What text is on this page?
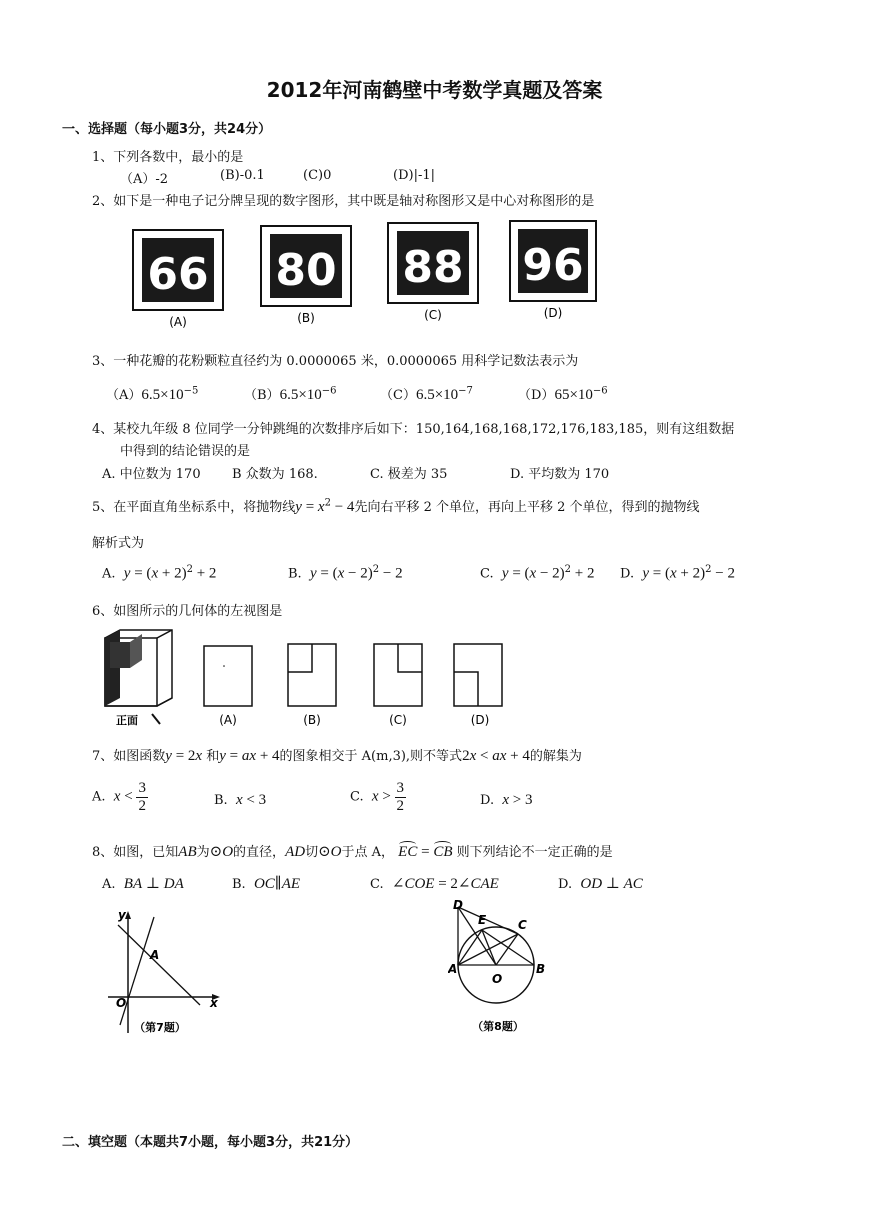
2012年河南鹤壁中考数学真题及答案
一、选择题（每小题3分，共24分）
1、下列各数中，最小的是
（A）-2	(B)-0.1	(C)0	(D)|-1|
2、如下是一种电子记分牌呈现的数字图形，其中既是轴对称图形又是中心对称图形的是
66 80 88 96
(A)	(B)	(C)	(D)
3、一种花瓣的花粉颗粒直径约为 0.0000065 米，0.0000065 用科学记数法表示为
$(A)6.5\times 10^{-5}$	$(B)6.5\times 10^{-6}$	$(C)6.5\times 10^{-7}$	$(D)65\times 10^{-6}$
4、某校九年级 8 位同学一分钟跳绳的次数排序后如下：150,164,168,168,172,176,183,185，则有这组数据
中得到的结论错误的是
A. 中位数为 170 B 众数为 168.	C. 极差为 35	D. 平均数为 170
5、在平面直角坐标系中，将抛物线$y = x^2 - 4$先向右平移 2 个单位，再向上平移 2 个单位，得到的抛物线
解析式为
A. $y = (x + 2)^2 + 2$	B. $y = (x - 2)^2 - 2$	C. $y = (x - 2)^2 + 2$ D. $y = (x + 2)^2 - 2$
6、如图所示的几何体的左视图是
正面	(A)	(B)	(C)	(D)
7、如图函数y = 2x 和y = ax + 4的图象相交于 A(m,3),则不等式2x < ax + 4的解集为
A. $x < \frac{3}{2}$	B. x < 3	C. $x > \frac{3}{2}$	D. x > 3
8、如图，已知AB为⊙O的直径，AD切⊙O于点 A， EC = CB 则下列结论不一定正确的是
A. BA ⊥ DA	B. OC∥AE	C. ∠COE = 2∠CAE	D. OD ⊥ AC
y
x
O
A
（第7题）
D
E	C
A	B
O
（第8题）
二、填空题（本题共7小题，每小题3分，共21分）
